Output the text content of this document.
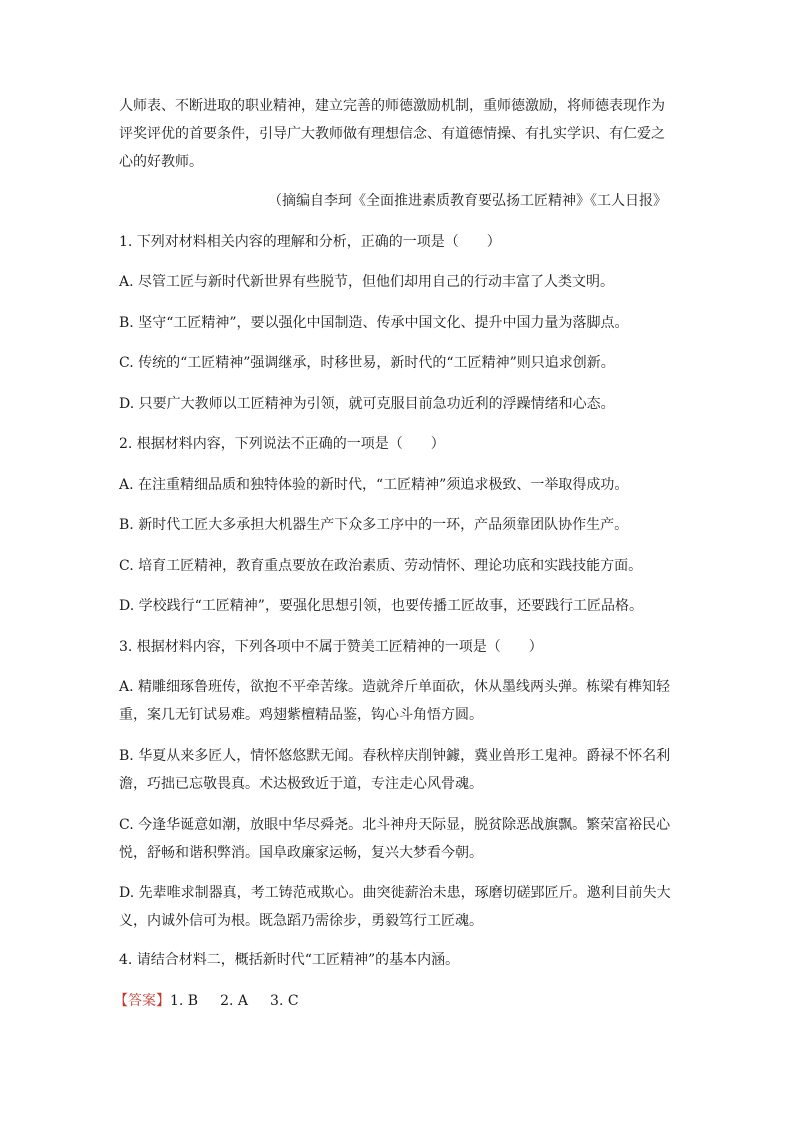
人师表、不断进取的职业精神，建立完善的师德激励机制，重师德激励，将师德表现作为评奖评优的首要条件，引导广大教师做有理想信念、有道德情操、有扎实学识、有仁爱之心的好教师。
（摘编自李珂《全面推进素质教育要弘扬工匠精神》《工人日报》
1. 下列对材料相关内容的理解和分析，正确的一项是（　　）
A. 尽管工匠与新时代新世界有些脱节，但他们却用自己的行动丰富了人类文明。
B. 坚守“工匠精神”，要以强化中国制造、传承中国文化、提升中国力量为落脚点。
C. 传统的“工匠精神”强调继承，时移世易，新时代的“工匠精神”则只追求创新。
D. 只要广大教师以工匠精神为引领，就可克服目前急功近利的浮躁情绪和心态。
2. 根据材料内容，下列说法不正确的一项是（　　）
A. 在注重精细品质和独特体验的新时代，“工匠精神”须追求极致、一举取得成功。
B. 新时代工匠大多承担大机器生产下众多工序中的一环，产品须靠团队协作生产。
C. 培育工匠精神，教育重点要放在政治素质、劳动情怀、理论功底和实践技能方面。
D. 学校践行“工匠精神”，要强化思想引领，也要传播工匠故事，还要践行工匠品格。
3. 根据材料内容，下列各项中不属于赞美工匠精神的一项是（　　）
A. 精雕细琢鲁班传，欲抱不平牵苦缘。造就斧斤单面砍，休从墨线两头弹。栋梁有榫知轻重，案几无钉试易难。鸡翅紫檀精品鉴，钩心斗角悟方圆。
B. 华夏从来多匠人，情怀悠悠默无闻。春秋梓庆削钟鐻，冀业兽形工鬼神。爵禄不怀名利澹，巧拙已忘敬畏真。术达极致近于道，专注走心风骨魂。
C. 今逢华诞意如潮，放眼中华尽舜尧。北斗神舟天际显，脱贫除恶战旗飘。繁荣富裕民心悦，舒畅和谐积弊消。国阜政廉家运畅，复兴大梦看今朝。
D. 先辈唯求制器真，考工铸范戒欺心。曲突徙薪治未患，琢磨切磋郢匠斤。邀利目前失大义，内诚外信可为根。既急蹈乃需徐步，勇毅笃行工匠魂。
4. 请结合材料二，概括新时代“工匠精神”的基本内涵。
【答案】1. B 2. A 3. C
